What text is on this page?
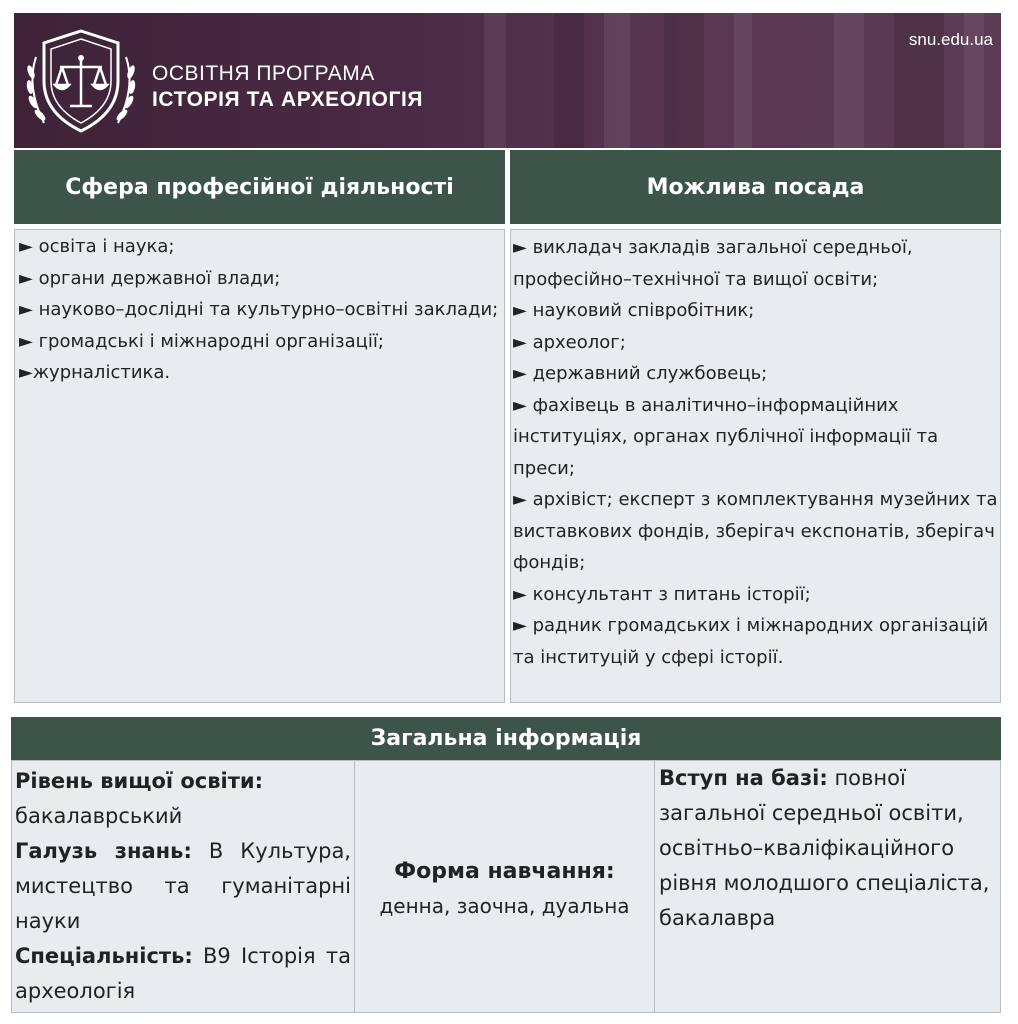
ОСВІТНЯ ПРОГРАМА
ІСТОРІЯ ТА АРХЕОЛОГІЯ
snu.edu.ua
Сфера професійної діяльності	Можлива посада

► освіта і наука;

► органи державної влади;

► науково–дослідні та культурно–освітні заклади;

► громадські і міжнародні організації;

►журналістика.

► викладач закладів загальної середньої, професійно–технічної та вищої освіти;

► науковий співробітник;

► археолог;

► державний службовець;

► фахівець в аналітично–інформаційних інституціях, органах публічної інформації та преси;

► архівіст; експерт з комплектування музейних та виставкових фондів, зберігач експонатів, зберігач фондів;

► консультант з питань історії;

► радник громадських і міжнародних організацій та інституцій у сфері історії.

Загальна інформація
Рівень вищої освіти:
бакалаврський
Галузь знань: В Культура, мистецтво та гуманітарні науки
Спеціальність: В9 Історія та археологія
Форма навчання:
денна, заочна, дуальна
Вступ на базі: повної загальної середньої освіти, освітньо–кваліфікаційного рівня молодшого спеціаліста, бакалавра
